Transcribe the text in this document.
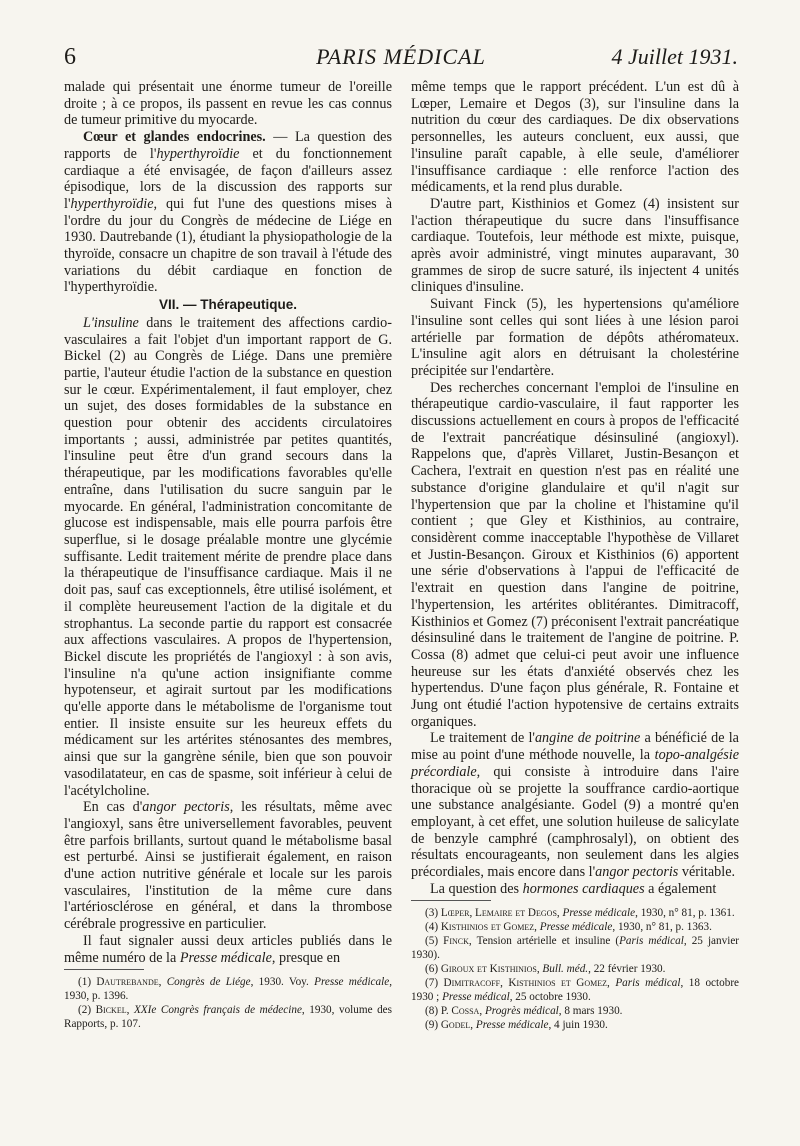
6	PARIS MÉDICAL	4 Juillet 1931.

malade qui présentait une énorme tumeur de l'oreille droite ; à ce propos, ils passent en revue les cas connus de tumeur primitive du myocarde.

Cœur et glandes endocrines. — La question des rapports de l'hyperthyroïdie et du fonctionnement cardiaque a été envisagée, de façon d'ailleurs assez épisodique, lors de la discussion des rapports sur l'hyperthyroïdie, qui fut l'une des questions mises à l'ordre du jour du Congrès de médecine de Liége en 1930. Dautrebande (1), étudiant la physiopathologie de la thyroïde, consacre un chapitre de son travail à l'étude des variations du débit cardiaque en fonction de l'hyperthyroïdie.

VII. — Thérapeutique.

L'insuline dans le traitement des affections cardio-vasculaires a fait l'objet d'un important rapport de G. Bickel (2) au Congrès de Liége. Dans une première partie, l'auteur étudie l'action de la substance en question sur le cœur. Expérimentalement, il faut employer, chez un sujet, des doses formidables de la substance en question pour obtenir des accidents circulatoires importants ; aussi, administrée par petites quantités, l'insuline peut être d'un grand secours dans la thérapeutique, par les modifications favorables qu'elle entraîne, dans l'utilisation du sucre sanguin par le myocarde. En général, l'administration concomitante de glucose est indispensable, mais elle pourra parfois être superflue, si le dosage préalable montre une glycémie suffisante. Ledit traitement mérite de prendre place dans la thérapeutique de l'insuffisance cardiaque. Mais il ne doit pas, sauf cas exceptionnels, être utilisé isolément, et il complète heureusement l'action de la digitale et du strophantus. La seconde partie du rapport est consacrée aux affections vasculaires. A propos de l'hypertension, Bickel discute les propriétés de l'angioxyl : à son avis, l'insuline n'a qu'une action insignifiante comme hypotenseur, et agirait surtout par les modifications qu'elle apporte dans le métabolisme de l'organisme tout entier. Il insiste ensuite sur les heureux effets du médicament sur les artérites sténosantes des membres, ainsi que sur la gangrène sénile, bien que son pouvoir vasodilatateur, en cas de spasme, soit inférieur à celui de l'acétylcholine.

En cas d'angor pectoris, les résultats, même avec l'angioxyl, sans être universellement favorables, peuvent être parfois brillants, surtout quand le métabolisme basal est perturbé. Ainsi se justifierait également, en raison d'une action nutritive générale et locale sur les parois vasculaires, l'institution de la même cure dans l'artériosclérose en général, et dans la thrombose cérébrale progressive en particulier.

Il faut signaler aussi deux articles publiés dans le même numéro de la Presse médicale, presque en

(1) Dautrebande, Congrès de Liége, 1930. Voy. Presse médicale, 1930, p. 1396.

(2) Bickel, XXIe Congrès français de médecine, 1930, volume des Rapports, p. 107.

même temps que le rapport précédent. L'un est dû à Lœper, Lemaire et Degos (3), sur l'insuline dans la nutrition du cœur des cardiaques. De dix observations personnelles, les auteurs concluent, eux aussi, que l'insuline paraît capable, à elle seule, d'améliorer l'insuffisance cardiaque : elle renforce l'action des médicaments, et la rend plus durable.

D'autre part, Kisthinios et Gomez (4) insistent sur l'action thérapeutique du sucre dans l'insuffisance cardiaque. Toutefois, leur méthode est mixte, puisque, après avoir administré, vingt minutes auparavant, 30 grammes de sirop de sucre saturé, ils injectent 4 unités cliniques d'insuline.

Suivant Finck (5), les hypertensions qu'améliore l'insuline sont celles qui sont liées à une lésion paroi artérielle par formation de dépôts athéromateux. L'insuline agit alors en détruisant la cholestérine précipitée sur l'endartère.

Des recherches concernant l'emploi de l'insuline en thérapeutique cardio-vasculaire, il faut rapporter les discussions actuellement en cours à propos de l'efficacité de l'extrait pancréatique désinsuliné (angioxyl). Rappelons que, d'après Villaret, Justin-Besançon et Cachera, l'extrait en question n'est pas en réalité une substance d'origine glandulaire et qu'il n'agit sur l'hypertension que par la choline et l'histamine qu'il contient ; que Gley et Kisthinios, au contraire, considèrent comme inacceptable l'hypothèse de Villaret et Justin-Besançon. Giroux et Kisthinios (6) apportent une série d'observations à l'appui de l'efficacité de l'extrait en question dans l'angine de poitrine, l'hypertension, les artérites oblitérantes. Dimitracoff, Kisthinios et Gomez (7) préconisent l'extrait pancréatique désinsuliné dans le traitement de l'angine de poitrine. P. Cossa (8) admet que celui-ci peut avoir une influence heureuse sur les états d'anxiété observés chez les hypertendus. D'une façon plus générale, R. Fontaine et Jung ont étudié l'action hypotensive de certains extraits organiques.

Le traitement de l'angine de poitrine a bénéficié de la mise au point d'une méthode nouvelle, la topo-analgésie précordiale, qui consiste à introduire dans l'aire thoracique où se projette la souffrance cardio-aortique une substance analgésiante. Godel (9) a montré qu'en employant, à cet effet, une solution huileuse de salicylate de benzyle camphré (camphrosalyl), on obtient des résultats encourageants, non seulement dans les algies précordiales, mais encore dans l'angor pectoris véritable.

La question des hormones cardiaques a également

(3) Lœper, Lemaire et Degos, Presse médicale, 1930, n° 81, p. 1361.

(4) Kisthinios et Gomez, Presse médicale, 1930, n° 81, p. 1363.

(5) Finck, Tension artérielle et insuline (Paris médical, 25 janvier 1930).

(6) Giroux et Kisthinios, Bull. méd., 22 février 1930.

(7) Dimitracoff, Kisthinios et Gomez, Paris médical, 18 octobre 1930 ; Presse médical, 25 octobre 1930.

(8) P. Cossa, Progrès médical, 8 mars 1930.

(9) Godel, Presse médicale, 4 juin 1930.
